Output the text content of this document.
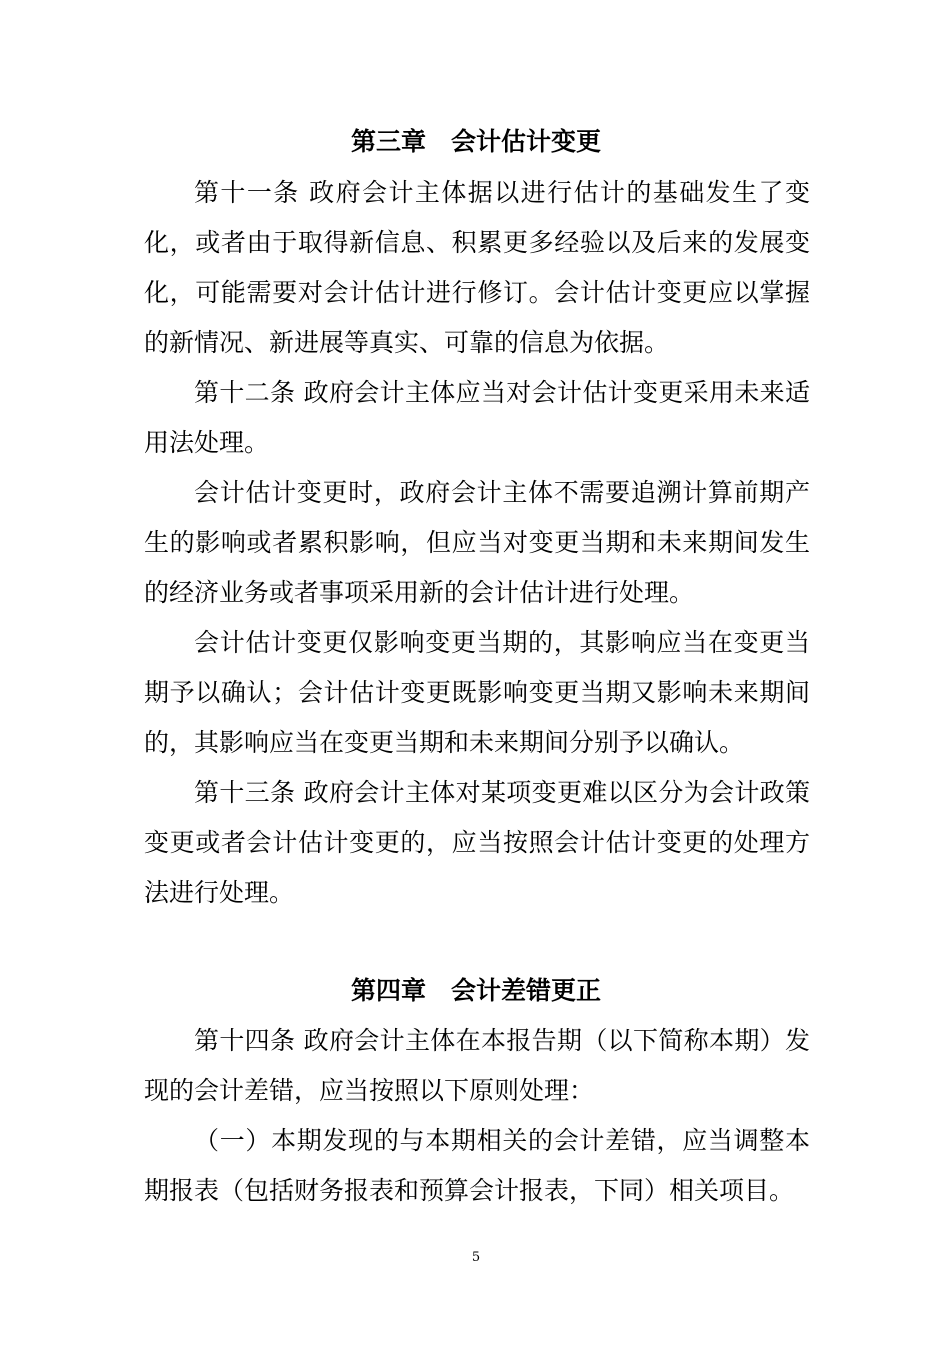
第三章　会计估计变更

第十一条 政府会计主体据以进行估计的基础发生了变化，或者由于取得新信息、积累更多经验以及后来的发展变化，可能需要对会计估计进行修订。会计估计变更应以掌握的新情况、新进展等真实、可靠的信息为依据。

第十二条 政府会计主体应当对会计估计变更采用未来适用法处理。

会计估计变更时，政府会计主体不需要追溯计算前期产生的影响或者累积影响，但应当对变更当期和未来期间发生的经济业务或者事项采用新的会计估计进行处理。

会计估计变更仅影响变更当期的，其影响应当在变更当期予以确认；会计估计变更既影响变更当期又影响未来期间的，其影响应当在变更当期和未来期间分别予以确认。

第十三条 政府会计主体对某项变更难以区分为会计政策变更或者会计估计变更的，应当按照会计估计变更的处理方法进行处理。

第四章　会计差错更正

第十四条 政府会计主体在本报告期（以下简称本期）发现的会计差错，应当按照以下原则处理：

（一）本期发现的与本期相关的会计差错，应当调整本期报表（包括财务报表和预算会计报表，下同）相关项目。

5
